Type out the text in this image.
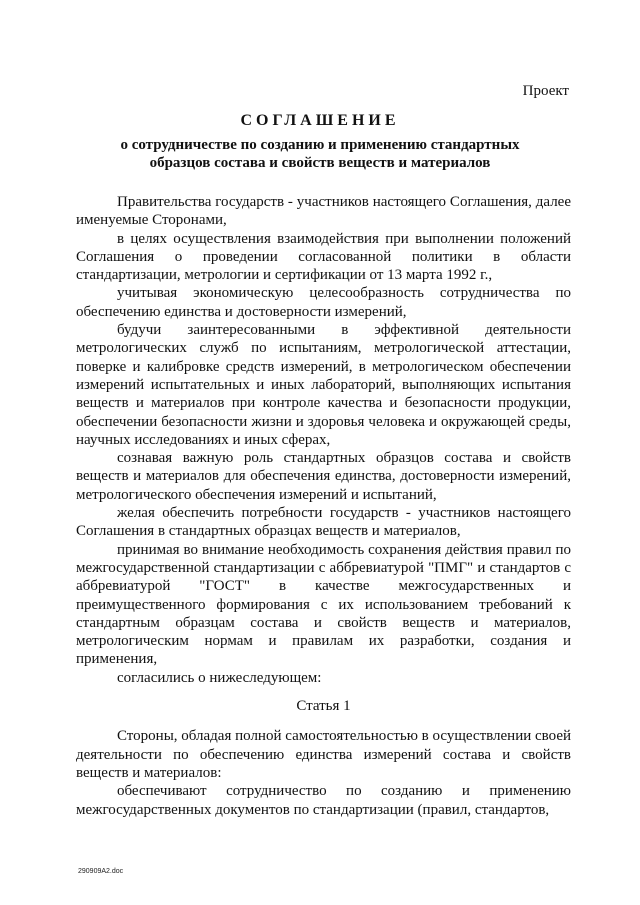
Проект
СОГЛАШЕНИЕ
о сотрудничестве по созданию и применению стандартных образцов состава и свойств веществ и материалов

Правительства государств - участников настоящего Соглашения, далее именуемые Сторонами,

в целях осуществления взаимодействия при выполнении положений Соглашения о проведении согласованной политики в области стандартизации, метрологии и сертификации от 13 марта 1992 г.,

учитывая экономическую целесообразность сотрудничества по обеспечению единства и достоверности измерений,

будучи заинтересованными в эффективной деятельности метрологических служб по испытаниям, метрологической аттестации, поверке и калибровке средств измерений, в метрологическом обеспечении измерений испытательных и иных лабораторий, выполняющих испытания веществ и материалов при контроле качества и безопасности продукции, обеспечении безопасности жизни и здоровья человека и окружающей среды, научных исследованиях и иных сферах,

сознавая важную роль стандартных образцов состава и свойств веществ и материалов для обеспечения единства, достоверности измерений, метрологического обеспечения измерений и испытаний,

желая обеспечить потребности государств - участников настоящего Соглашения в стандартных образцах веществ и материалов,

принимая во внимание необходимость сохранения действия правил по межгосударственной стандартизации с аббревиатурой "ПМГ" и стандартов с аббревиатурой "ГОСТ" в качестве межгосударственных и преимущественного формирования с их использованием требований к стандартным образцам состава и свойств веществ и материалов, метрологическим нормам и правилам их разработки, создания и применения,

согласились о нижеследующем:

Статья 1

Стороны, обладая полной самостоятельностью в осуществлении своей деятельности по обеспечению единства измерений состава и свойств веществ и материалов:

обеспечивают сотрудничество по созданию и применению межгосударственных документов по стандартизации (правил, стандартов,

290909A2.doc
